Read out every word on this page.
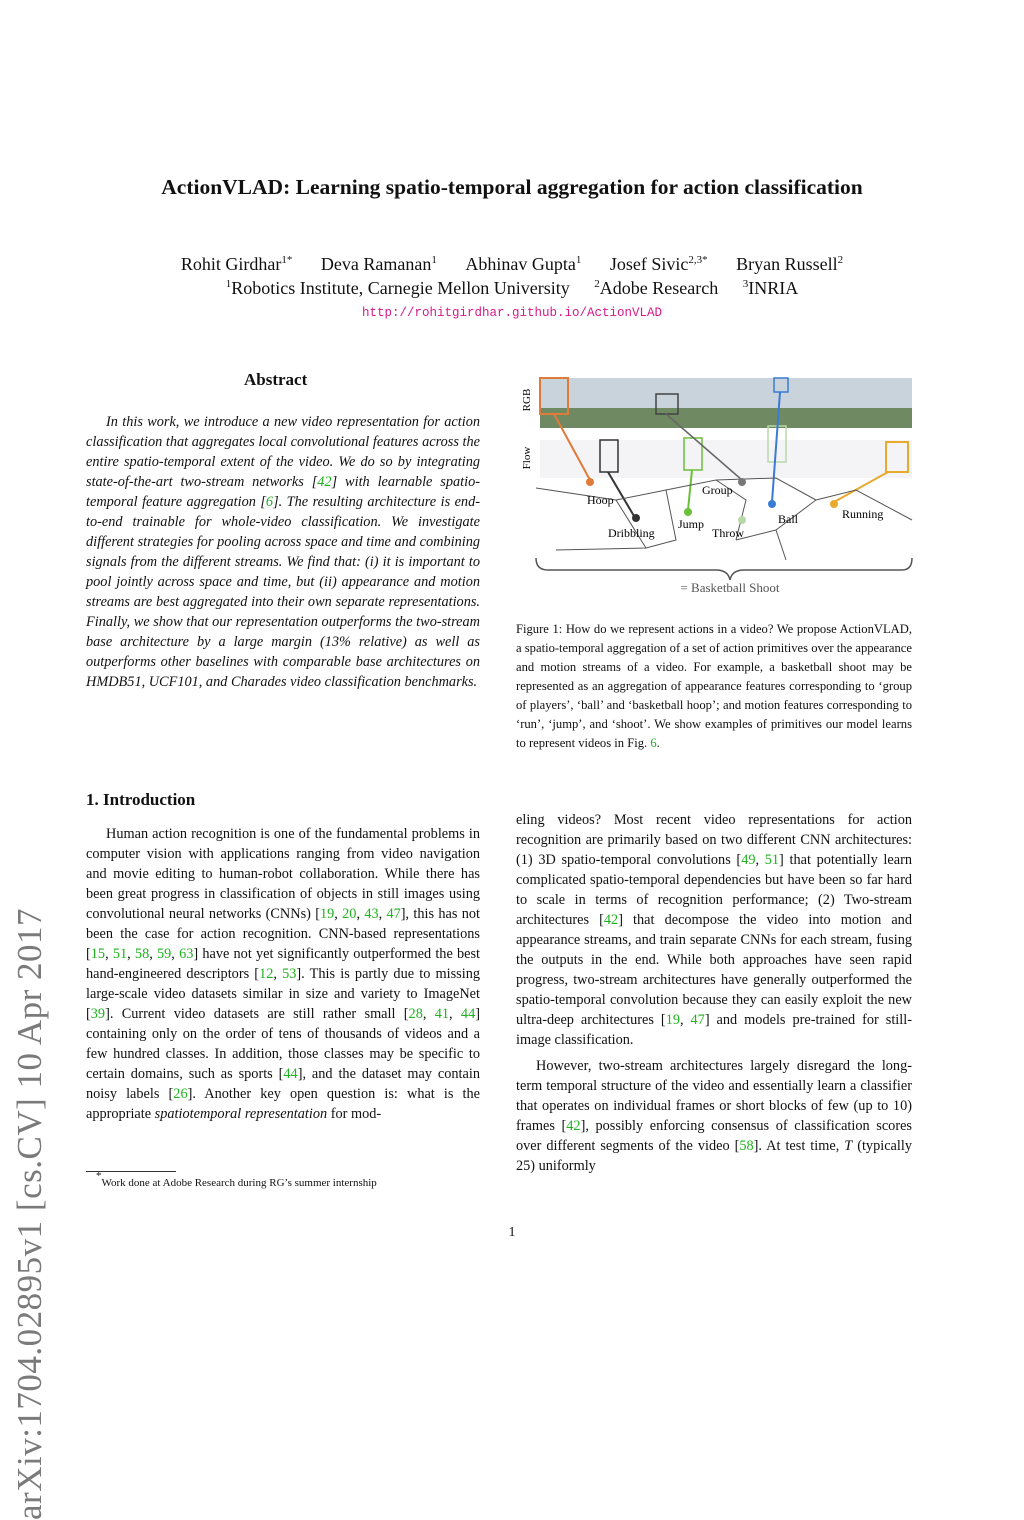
arXiv:1704.02895v1 [cs.CV] 10 Apr 2017
ActionVLAD: Learning spatio-temporal aggregation for action classification
Rohit Girdhar$^{1*}$ Deva Ramanan$^1$ Abhinav Gupta$^1$ Josef Sivic$^{2,3*}$ Bryan Russell$^2$
$^1$Robotics Institute, Carnegie Mellon University $^2$Adobe Research $^3$INRIA
http://rohitgirdhar.github.io/ActionVLAD
Abstract

In this work, we introduce a new video representation for action classification that aggregates local convolutional features across the entire spatio-temporal extent of the video. We do so by integrating state-of-the-art two-stream networks [42] with learnable spatio-temporal feature aggregation [6]. The resulting architecture is end-to-end trainable for whole-video classification. We investigate different strategies for pooling across space and time and combining signals from the different streams. We find that: (i) it is important to pool jointly across space and time, but (ii) appearance and motion streams are best aggregated into their own separate representations. Finally, we show that our representation outperforms the two-stream base architecture by a large margin (13% relative) as well as outperforms other baselines with comparable base architectures on HMDB51, UCF101, and Charades video classification benchmarks.

1. Introduction

Human action recognition is one of the fundamental problems in computer vision with applications ranging from video navigation and movie editing to human-robot collaboration. While there has been great progress in classification of objects in still images using convolutional neural networks (CNNs) [19, 20, 43, 47], this has not been the case for action recognition. CNN-based representations [15, 51, 58, 59, 63] have not yet significantly outperformed the best hand-engineered descriptors [12, 53]. This is partly due to missing large-scale video datasets similar in size and variety to ImageNet [39]. Current video datasets are still rather small [28, 41, 44] containing only on the order of tens of thousands of videos and a few hundred classes. In addition, those classes may be specific to certain domains, such as sports [44], and the dataset may contain noisy labels [26]. Another key open question is: what is the appropriate spatiotemporal representation for mod-

*Work done at Adobe Research during RG’s summer internship
RGB
Flow
Hoop
Dribbling
Jump
Group
Throw
Ball	Running
= Basketball Shoot

Figure 1: How do we represent actions in a video? We propose ActionVLAD, a spatio-temporal aggregation of a set of action primitives over the appearance and motion streams of a video. For example, a basketball shoot may be represented as an aggregation of appearance features corresponding to ‘group of players’, ‘ball’ and ‘basketball hoop’; and motion features corresponding to ‘run’, ‘jump’, and ‘shoot’. We show examples of primitives our model learns to represent videos in Fig. 6.

eling videos? Most recent video representations for action recognition are primarily based on two different CNN architectures: (1) 3D spatio-temporal convolutions [49, 51] that potentially learn complicated spatio-temporal dependencies but have been so far hard to scale in terms of recognition performance; (2) Two-stream architectures [42] that decompose the video into motion and appearance streams, and train separate CNNs for each stream, fusing the outputs in the end. While both approaches have seen rapid progress, two-stream architectures have generally outperformed the spatio-temporal convolution because they can easily exploit the new ultra-deep architectures [19, 47] and models pre-trained for still-image classification.

However, two-stream architectures largely disregard the long-term temporal structure of the video and essentially learn a classifier that operates on individual frames or short blocks of few (up to 10) frames [42], possibly enforcing consensus of classification scores over different segments of the video [58]. At test time, T (typically 25) uniformly

1
